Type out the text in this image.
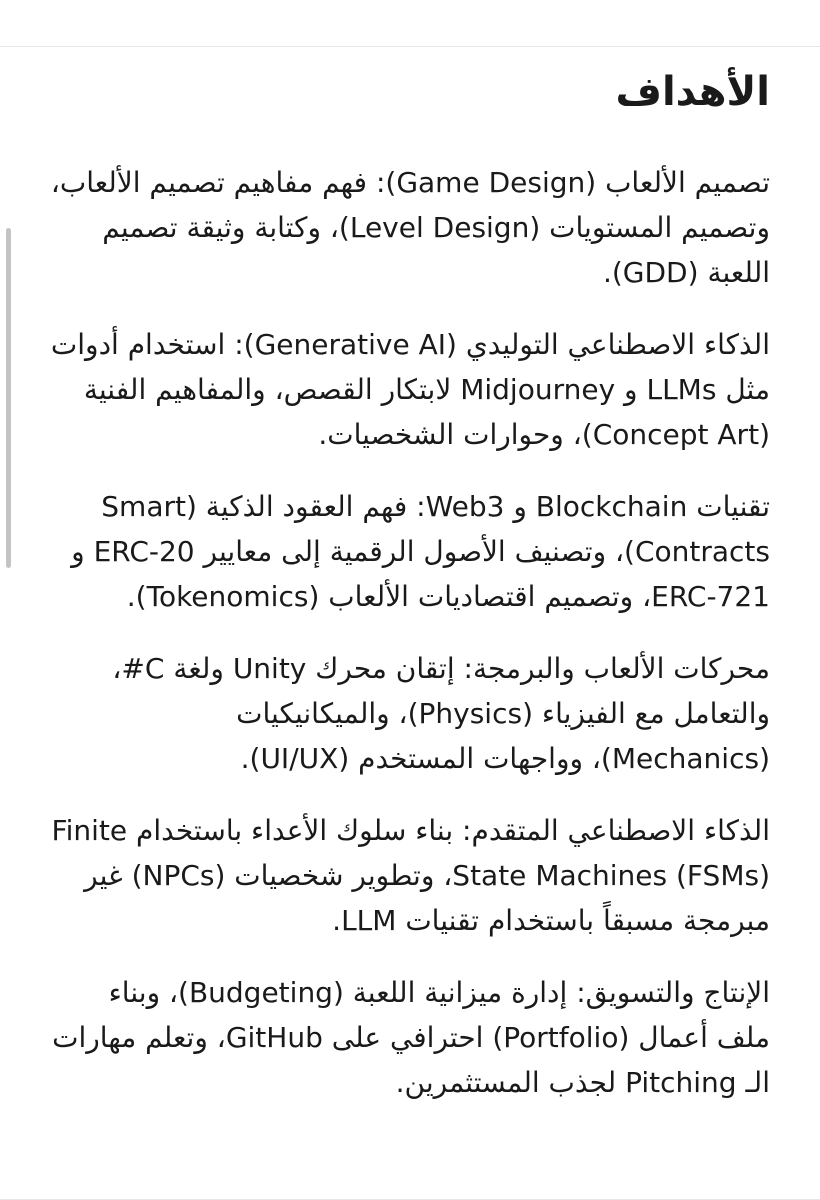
الأهداف
تصميم الألعاب (Game Design): فهم مفاهيم تصميم الألعاب، وتصميم المستويات (Level Design)، وكتابة وثيقة تصميم اللعبة (GDD).
الذكاء الاصطناعي التوليدي (Generative AI): استخدام أدوات مثل LLMs و Midjourney لابتكار القصص، والمفاهيم الفنية (Concept Art)، وحوارات الشخصيات.
تقنيات Blockchain و Web3: فهم العقود الذكية (Smart Contracts)، وتصنيف الأصول الرقمية إلى معايير ERC-20 و ERC-721، وتصميم اقتصاديات الألعاب (Tokenomics).
محركات الألعاب والبرمجة: إتقان محرك Unity ولغة C#، والتعامل مع الفيزياء (Physics)، والميكانيكيات (Mechanics)، وواجهات المستخدم (UI/UX).
الذكاء الاصطناعي المتقدم: بناء سلوك الأعداء باستخدام Finite State Machines (FSMs)، وتطوير شخصيات (NPCs) غير مبرمجة مسبقاً باستخدام تقنيات LLM.
الإنتاج والتسويق: إدارة ميزانية اللعبة (Budgeting)، وبناء ملف أعمال (Portfolio) احترافي على GitHub، وتعلم مهارات الـ Pitching لجذب المستثمرين.
